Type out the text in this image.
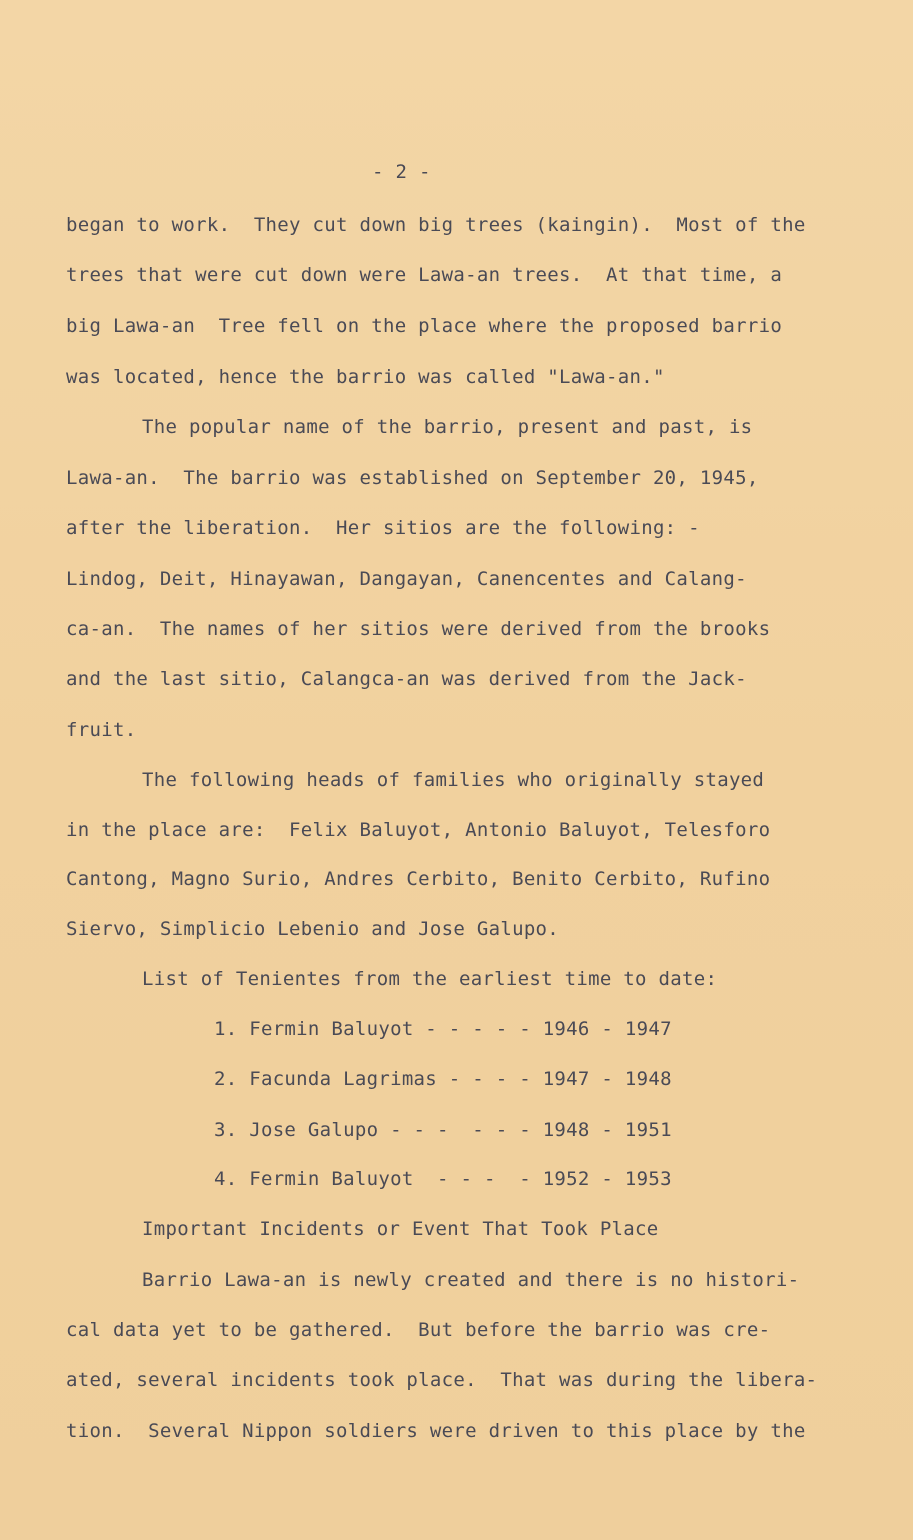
- 2 -
began to work.  They cut down big trees (kaingin).  Most of the
trees that were cut down were Lawa-an trees.  At that time, a
big Lawa-an  Tree fell on the place where the proposed barrio
was located, hence the barrio was called "Lawa-an."
The popular name of the barrio, present and past, is
Lawa-an.  The barrio was established on September 20, 1945,
after the liberation.  Her sitios are the following: -
Lindog, Deit, Hinayawan, Dangayan, Canencentes and Calang-
ca-an.  The names of her sitios were derived from the brooks
and the last sitio, Calangca-an was derived from the Jack-
fruit.
The following heads of families who originally stayed
in the place are:  Felix Baluyot, Antonio Baluyot, Telesforo
Cantong, Magno Surio, Andres Cerbito, Benito Cerbito, Rufino
Siervo, Simplicio Lebenio and Jose Galupo.
List of Tenientes from the earliest time to date:
1. Fermin Baluyot - - - - - 1946 - 1947
2. Facunda Lagrimas - - - - 1947 - 1948
3. Jose Galupo - - -  - - - 1948 - 1951
4. Fermin Baluyot  - - -  - 1952 - 1953
Important Incidents or Event That Took Place
Barrio Lawa-an is newly created and there is no histori-
cal data yet to be gathered.  But before the barrio was cre-
ated, several incidents took place.  That was during the libera-
tion.  Several Nippon soldiers were driven to this place by the
